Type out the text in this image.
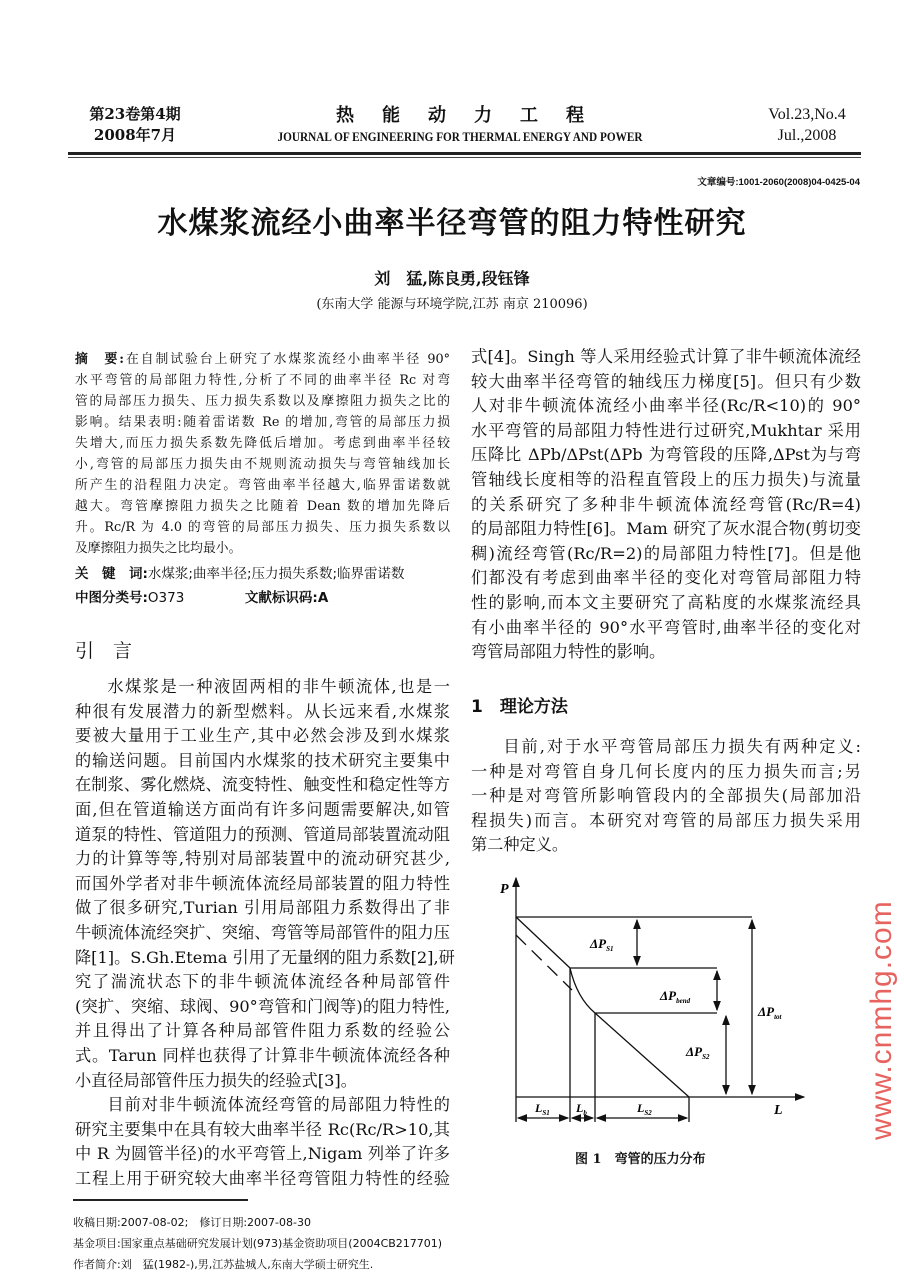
第23卷第4期
2008年7月
热能动力工程
JOURNAL OF ENGINEERING FOR THERMAL ENERGY AND POWER
Vol.23,No.4
Jul.,2008
文章编号:1001-2060(2008)04-0425-04
水煤浆流经小曲率半径弯管的阻力特性研究
刘　猛,陈良勇,段钰锋
(东南大学 能源与环境学院,江苏 南京 210096)
摘　要:在自制试验台上研究了水煤浆流经小曲率半径 90°
水平弯管的局部阻力特性,分析了不同的曲率半径 Rc 对弯
管的局部压力损失、压力损失系数以及摩擦阻力损失之比的
影响。结果表明:随着雷诺数 Re 的增加,弯管的局部压力损
失增大,而压力损失系数先降低后增加。考虑到曲率半径较
小,弯管的局部压力损失由不规则流动损失与弯管轴线加长
所产生的沿程阻力决定。弯管曲率半径越大,临界雷诺数就
越大。弯管摩擦阻力损失之比随着 Dean 数的增加先降后
升。Rc/R 为 4.0 的弯管的局部压力损失、压力损失系数以
及摩擦阻力损失之比均最小。
关　键　词:水煤浆;曲率半径;压力损失系数;临界雷诺数
中图分类号:O373	文献标识码:A
引　言
水煤浆是一种液固两相的非牛顿流体,也是一
种很有发展潜力的新型燃料。从长远来看,水煤浆
要被大量用于工业生产,其中必然会涉及到水煤浆
的输送问题。目前国内水煤浆的技术研究主要集中
在制浆、雾化燃烧、流变特性、触变性和稳定性等方
面,但在管道输送方面尚有许多问题需要解决,如管
道泵的特性、管道阻力的预测、管道局部装置流动阻
力的计算等等,特别对局部装置中的流动研究甚少,
而国外学者对非牛顿流体流经局部装置的阻力特性
做了很多研究,Turian 引用局部阻力系数得出了非
牛顿流体流经突扩、突缩、弯管等局部管件的阻力压
降[1]。S.Gh.Etema 引用了无量纲的阻力系数[2],研
究了湍流状态下的非牛顿流体流经各种局部管件
(突扩、突缩、球阀、90°弯管和门阀等)的阻力特性,
并且得出了计算各种局部管件阻力系数的经验公
式。Tarun 同样也获得了计算非牛顿流体流经各种
小直径局部管件压力损失的经验式[3]。
目前对非牛顿流体流经弯管的局部阻力特性的
研究主要集中在具有较大曲率半径 Rc(Rc/R>10,其
中 R 为圆管半径)的水平弯管上,Nigam 列举了许多
工程上用于研究较大曲率半径弯管阻力特性的经验
式[4]。Singh 等人采用经验式计算了非牛顿流体流经
较大曲率半径弯管的轴线压力梯度[5]。但只有少数
人对非牛顿流体流经小曲率半径(Rc/R<10)的 90°
水平弯管的局部阻力特性进行过研究,Mukhtar 采用
压降比 ΔPb/ΔPst(ΔPb 为弯管段的压降,ΔPst为与弯
管轴线长度相等的沿程直管段上的压力损失)与流量
的关系研究了多种非牛顿流体流经弯管(Rc/R=4)
的局部阻力特性[6]。Mam 研究了灰水混合物(剪切变
稠)流经弯管(Rc/R=2)的局部阻力特性[7]。但是他
们都没有考虑到曲率半径的变化对弯管局部阻力特
性的影响,而本文主要研究了高粘度的水煤浆流经具
有小曲率半径的 90°水平弯管时,曲率半径的变化对
弯管局部阻力特性的影响。
1　理论方法
目前,对于水平弯管局部压力损失有两种定义:
一种是对弯管自身几何长度内的压力损失而言;另
一种是对弯管所影响管段内的全部损失(局部加沿
程损失)而言。本研究对弯管的局部压力损失采用
第二种定义。
P
L
$\Delta P_{S1}$
$\Delta P_{bend}$
$\Delta P_{S2}$
$\Delta P_{tot}$
$L_{S1}$ $L_b$	$L_{S2}$
图 1　弯管的压力分布
收稿日期:2007-08-02;　修订日期:2007-08-30
基金项目:国家重点基础研究发展计划(973)基金资助项目(2004CB217701)
作者简介:刘　猛(1982-),男,江苏盐城人,东南大学硕士研究生.
www.cnmhg.com
